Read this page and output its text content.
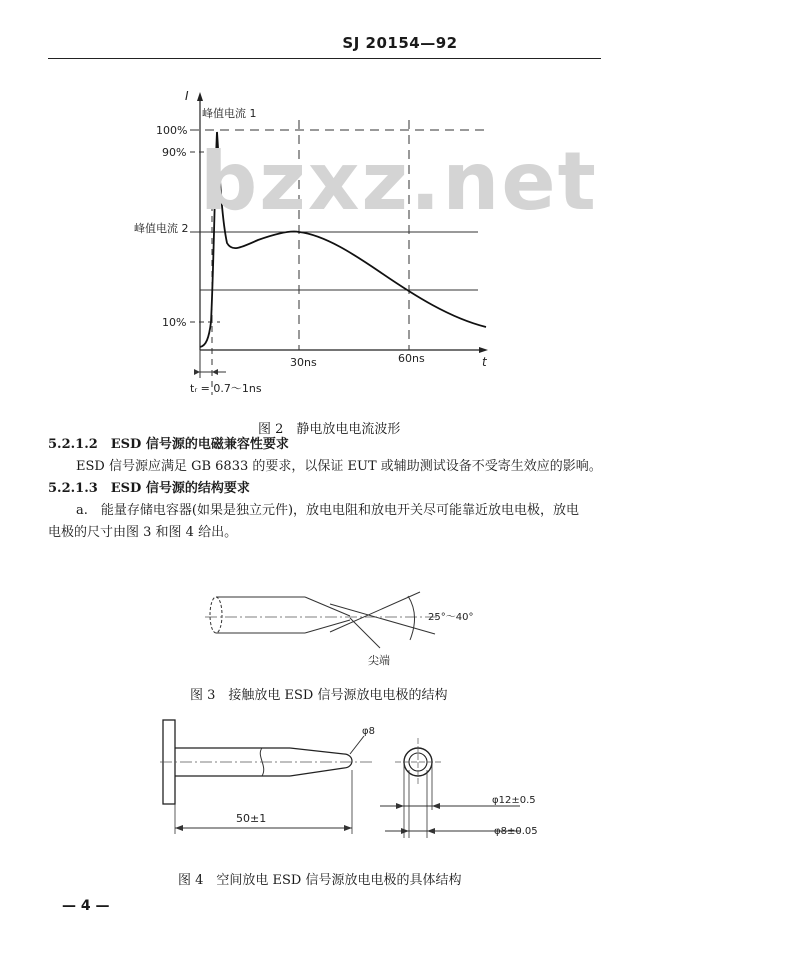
SJ 20154—92
I
t
峰值电流 1
100%
90%
峰值电流 2
10%
30ns	60ns
tᵣ = 0.7～1ns
图 2　静电放电电流波形
5.2.1.2　ESD 信号源的电磁兼容性要求
ESD 信号源应满足 GB 6833 的要求，以保证 EUT 或辅助测试设备不受寄生效应的影响。
5.2.1.3　ESD 信号源的结构要求
a.　能量存储电容器(如果是独立元件)，放电电阻和放电开关尽可能靠近放电电极，放电
电极的尺寸由图 3 和图 4 给出。
bzxz.net
25°～40°
尖端
图 3　接触放电 ESD 信号源放电电极的结构
φ8
50±1
φ12±0.5
φ8±0.05
图 4　空间放电 ESD 信号源放电电极的具体结构
— 4 —
